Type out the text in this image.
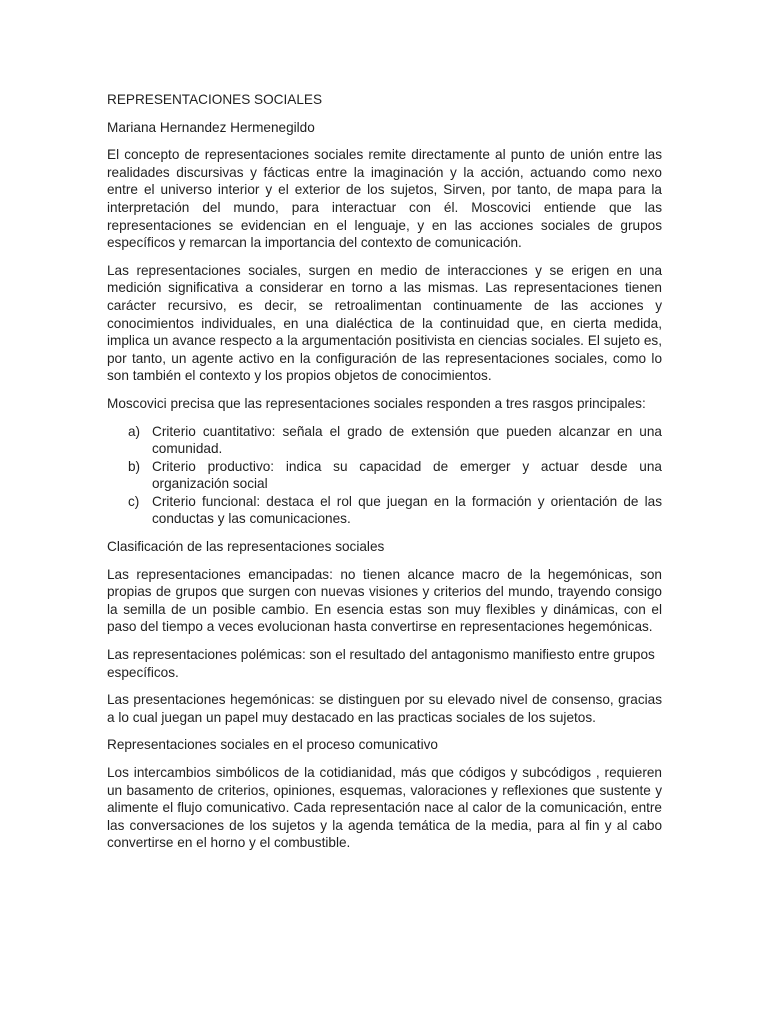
REPRESENTACIONES SOCIALES
Mariana Hernandez Hermenegildo

El concepto de representaciones sociales remite directamente al punto de unión entre las realidades discursivas y fácticas entre la imaginación y la acción, actuando como nexo entre el universo interior y el exterior de los sujetos, Sirven, por tanto, de mapa para la interpretación del mundo, para interactuar con él. Moscovici entiende que las representaciones se evidencian en el lenguaje, y en las acciones sociales de grupos específicos y remarcan la importancia del contexto de comunicación.

Las representaciones sociales, surgen en medio de interacciones y se erigen en una medición significativa a considerar en torno a las mismas. Las representaciones tienen carácter recursivo, es decir, se retroalimentan continuamente de las acciones y conocimientos individuales, en una dialéctica de la continuidad que, en cierta medida, implica un avance respecto a la argumentación positivista en ciencias sociales. El sujeto es, por tanto, un agente activo en la configuración de las representaciones sociales, como lo son también el contexto y los propios objetos de conocimientos.

Moscovici precisa que las representaciones sociales responden a tres rasgos principales:

a) Criterio cuantitativo: señala el grado de extensión que pueden alcanzar en una comunidad.
b) Criterio productivo: indica su capacidad de emerger y actuar desde una organización social
c) Criterio funcional: destaca el rol que juegan en la formación y orientación de las conductas y las comunicaciones.
Clasificación de las representaciones sociales

Las representaciones emancipadas: no tienen alcance macro de la hegemónicas, son propias de grupos que surgen con nuevas visiones y criterios del mundo, trayendo consigo la semilla de un posible cambio. En esencia estas son muy flexibles y dinámicas, con el paso del tiempo a veces evolucionan hasta convertirse en representaciones hegemónicas.

Las representaciones polémicas: son el resultado del antagonismo manifiesto entre grupos específicos.

Las presentaciones hegemónicas: se distinguen por su elevado nivel de consenso, gracias a lo cual juegan un papel muy destacado en las practicas sociales de los sujetos.

Representaciones sociales en el proceso comunicativo

Los intercambios simbólicos de la cotidianidad, más que códigos y subcódigos , requieren un basamento de criterios, opiniones, esquemas, valoraciones y reflexiones que sustente y alimente el flujo comunicativo. Cada representación nace al calor de la comunicación, entre las conversaciones de los sujetos y la agenda temática de la media, para al fin y al cabo convertirse en el horno y el combustible.
